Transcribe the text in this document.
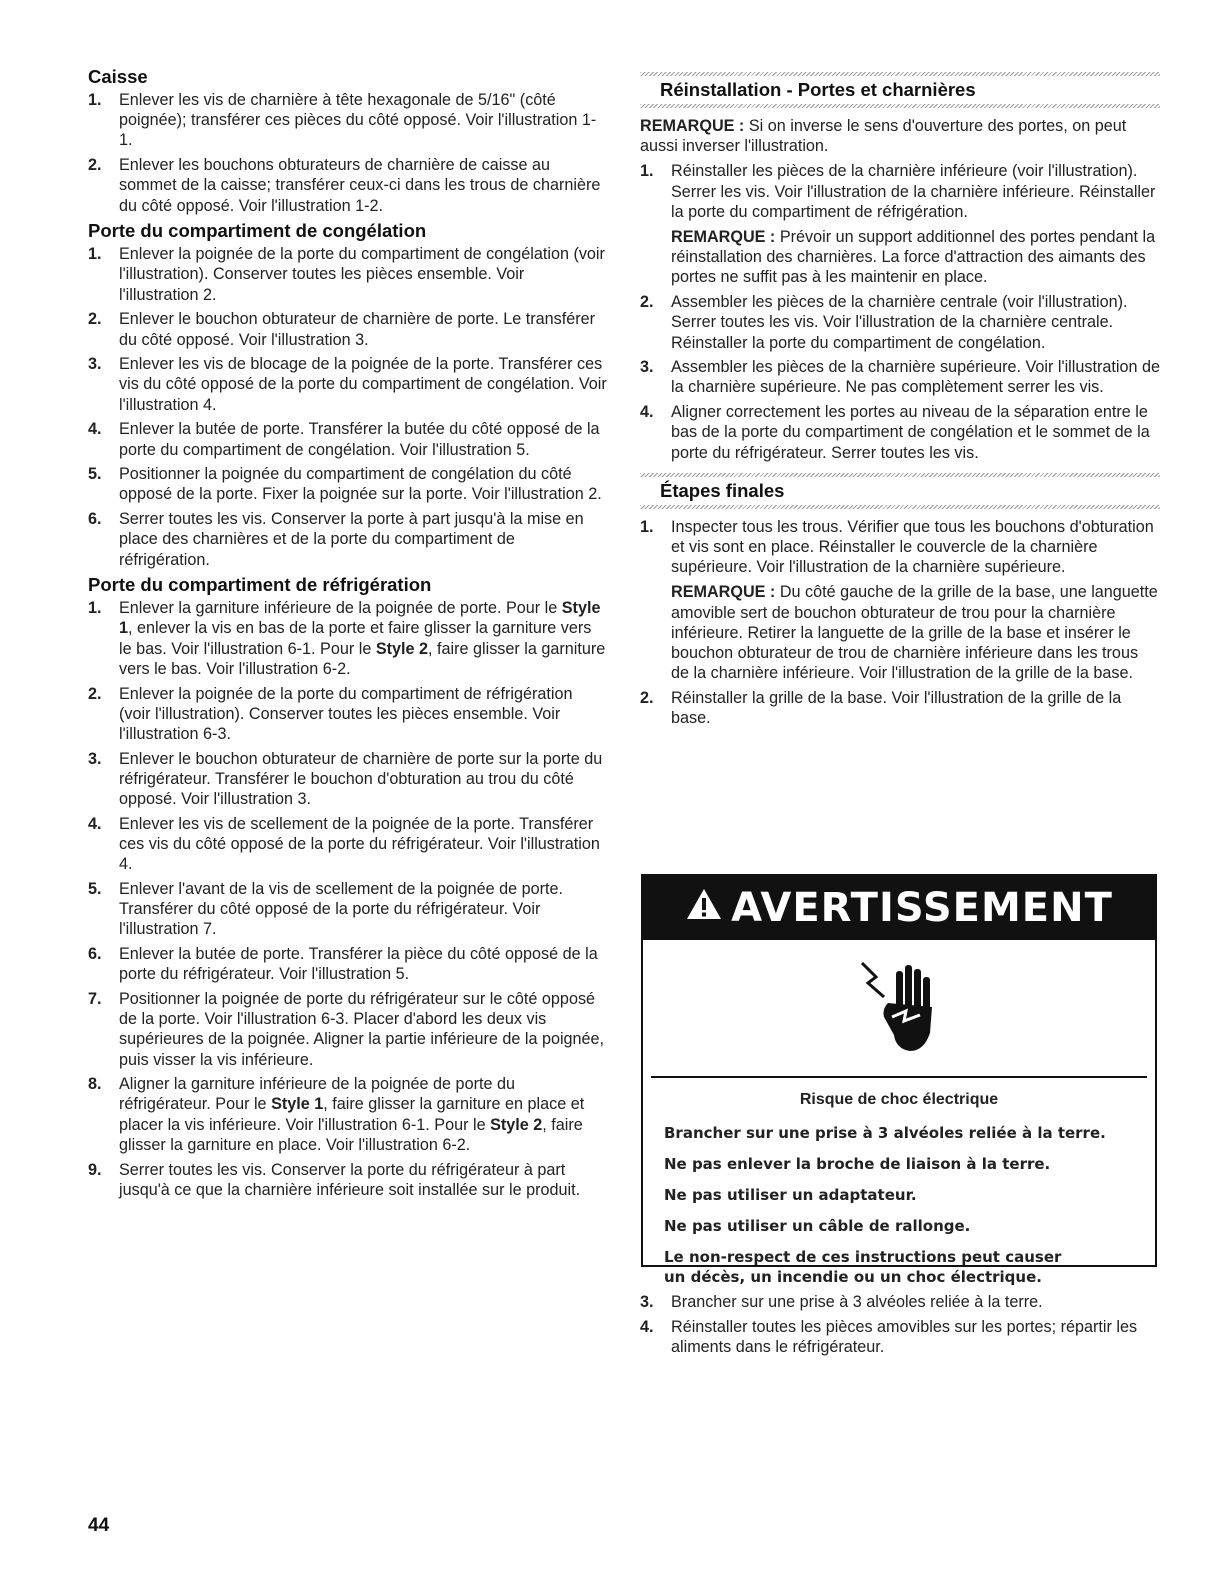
Caisse
1. Enlever les vis de charnière à tête hexagonale de 5/16" (côté poignée); transférer ces pièces du côté opposé. Voir l'illustration 1-1.
2. Enlever les bouchons obturateurs de charnière de caisse au sommet de la caisse; transférer ceux-ci dans les trous de charnière du côté opposé. Voir l'illustration 1-2.
Porte du compartiment de congélation
1. Enlever la poignée de la porte du compartiment de congélation (voir l'illustration). Conserver toutes les pièces ensemble. Voir l'illustration 2.
2. Enlever le bouchon obturateur de charnière de porte. Le transférer du côté opposé. Voir l'illustration 3.
3. Enlever les vis de blocage de la poignée de la porte. Transférer ces vis du côté opposé de la porte du compartiment de congélation. Voir l'illustration 4.
4. Enlever la butée de porte. Transférer la butée du côté opposé de la porte du compartiment de congélation. Voir l'illustration 5.
5. Positionner la poignée du compartiment de congélation du côté opposé de la porte. Fixer la poignée sur la porte. Voir l'illustration 2.
6. Serrer toutes les vis. Conserver la porte à part jusqu'à la mise en place des charnières et de la porte du compartiment de réfrigération.
Porte du compartiment de réfrigération
1. Enlever la garniture inférieure de la poignée de porte. Pour le Style 1, enlever la vis en bas de la porte et faire glisser la garniture vers le bas. Voir l'illustration 6-1. Pour le Style 2, faire glisser la garniture vers le bas. Voir l'illustration 6-2.
2. Enlever la poignée de la porte du compartiment de réfrigération (voir l'illustration). Conserver toutes les pièces ensemble. Voir l'illustration 6-3.
3. Enlever le bouchon obturateur de charnière de porte sur la porte du réfrigérateur. Transférer le bouchon d'obturation au trou du côté opposé. Voir l'illustration 3.
4. Enlever les vis de scellement de la poignée de la porte. Transférer ces vis du côté opposé de la porte du réfrigérateur. Voir l'illustration 4.
5. Enlever l'avant de la vis de scellement de la poignée de porte. Transférer du côté opposé de la porte du réfrigérateur. Voir l'illustration 7.
6. Enlever la butée de porte. Transférer la pièce du côté opposé de la porte du réfrigérateur. Voir l'illustration 5.
7. Positionner la poignée de porte du réfrigérateur sur le côté opposé de la porte. Voir l'illustration 6-3. Placer d'abord les deux vis supérieures de la poignée. Aligner la partie inférieure de la poignée, puis visser la vis inférieure.
8. Aligner la garniture inférieure de la poignée de porte du réfrigérateur. Pour le Style 1, faire glisser la garniture en place et placer la vis inférieure. Voir l'illustration 6-1. Pour le Style 2, faire glisser la garniture en place. Voir l'illustration 6-2.
9. Serrer toutes les vis. Conserver la porte du réfrigérateur à part jusqu'à ce que la charnière inférieure soit installée sur le produit.
Réinstallation - Portes et charnières

REMARQUE : Si on inverse le sens d'ouverture des portes, on peut aussi inverser l'illustration.

1. Réinstaller les pièces de la charnière inférieure (voir l'illustration). Serrer les vis. Voir l'illustration de la charnière inférieure. Réinstaller la porte du compartiment de réfrigération.
REMARQUE : Prévoir un support additionnel des portes pendant la réinstallation des charnières. La force d'attraction des aimants des portes ne suffit pas à les maintenir en place.
2. Assembler les pièces de la charnière centrale (voir l'illustration). Serrer toutes les vis. Voir l'illustration de la charnière centrale. Réinstaller la porte du compartiment de congélation.
3. Assembler les pièces de la charnière supérieure. Voir l'illustration de la charnière supérieure. Ne pas complètement serrer les vis.
4. Aligner correctement les portes au niveau de la séparation entre le bas de la porte du compartiment de congélation et le sommet de la porte du réfrigérateur. Serrer toutes les vis.
Étapes finales
1. Inspecter tous les trous. Vérifier que tous les bouchons d'obturation et vis sont en place. Réinstaller le couvercle de la charnière supérieure. Voir l'illustration de la charnière supérieure.
REMARQUE : Du côté gauche de la grille de la base, une languette amovible sert de bouchon obturateur de trou pour la charnière inférieure. Retirer la languette de la grille de la base et insérer le bouchon obturateur de trou de charnière inférieure dans les trous de la charnière inférieure. Voir l'illustration de la grille de la base.
2. Réinstaller la grille de la base. Voir l'illustration de la grille de la base.
AVERTISSEMENT
Risque de choc électrique
Brancher sur une prise à 3 alvéoles reliée à la terre.
Ne pas enlever la broche de liaison à la terre.
Ne pas utiliser un adaptateur.
Ne pas utiliser un câble de rallonge.
Le non-respect de ces instructions peut causer
un décès, un incendie ou un choc électrique.
3. Brancher sur une prise à 3 alvéoles reliée à la terre.
4. Réinstaller toutes les pièces amovibles sur les portes; répartir les aliments dans le réfrigérateur.
44
